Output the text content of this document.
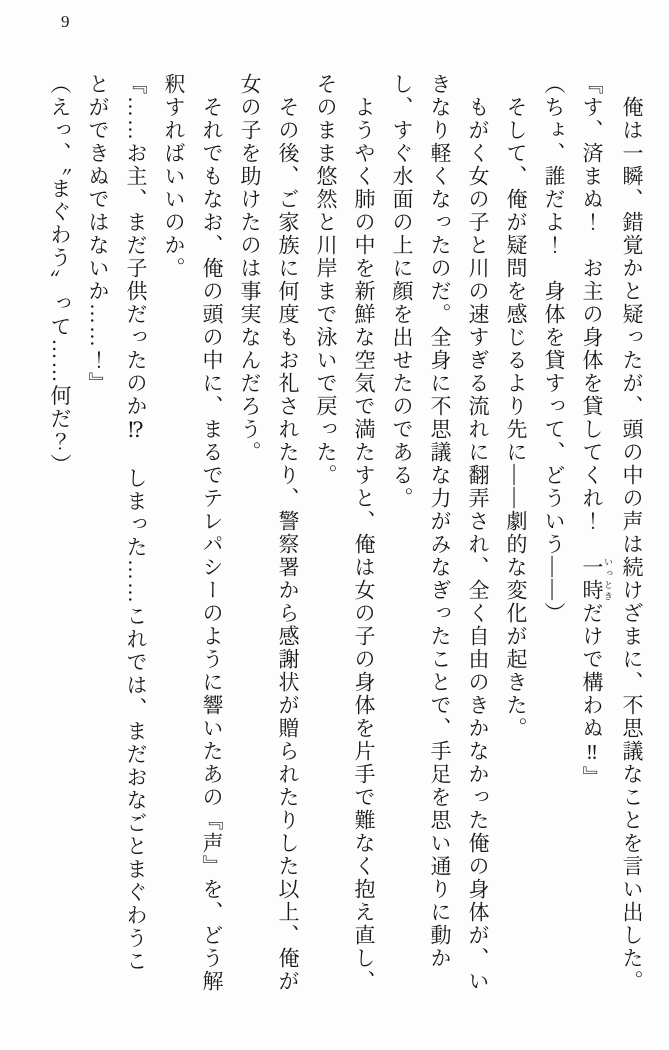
9

俺は一瞬、錯覚かと疑ったが、頭の中の声は続けざまに、不思議なことを言い出した。

『す、済まぬ！　お主の身体を貸してくれ！　一時 いっときだけで構わぬ‼』

（ちょ、誰だよ！　身体を貸すって、どういう――）

そして、俺が疑問を感じるより先に――劇的な変化が起きた。

もがく女の子と川の速すぎる流れに翻弄され、全く自由のきかなかった俺の身体が、いきなり軽くなったのだ。全身に不思議な力がみなぎったことで、手足を思い通りに動かし、すぐ水面の上に顔を出せたのである。

ようやく肺の中を新鮮な空気で満たすと、俺は女の子の身体を片手で難なく抱え直し、そのまま悠然と川岸まで泳いで戻った。

その後、ご家族に何度もお礼されたり、警察署から感謝状が贈られたりした以上、俺が女の子を助けたのは事実なんだろう。

それでもなお、俺の頭の中に、まるでテレパシーのように響いたあの『声』を、どう解釈すればいいのか。

『……お主、まだ子供だったのか⁉　しまった……これでは、まだおなごとまぐわうことができぬではないか……！』

（えっ、〝まぐわう〟って……何だ？）
